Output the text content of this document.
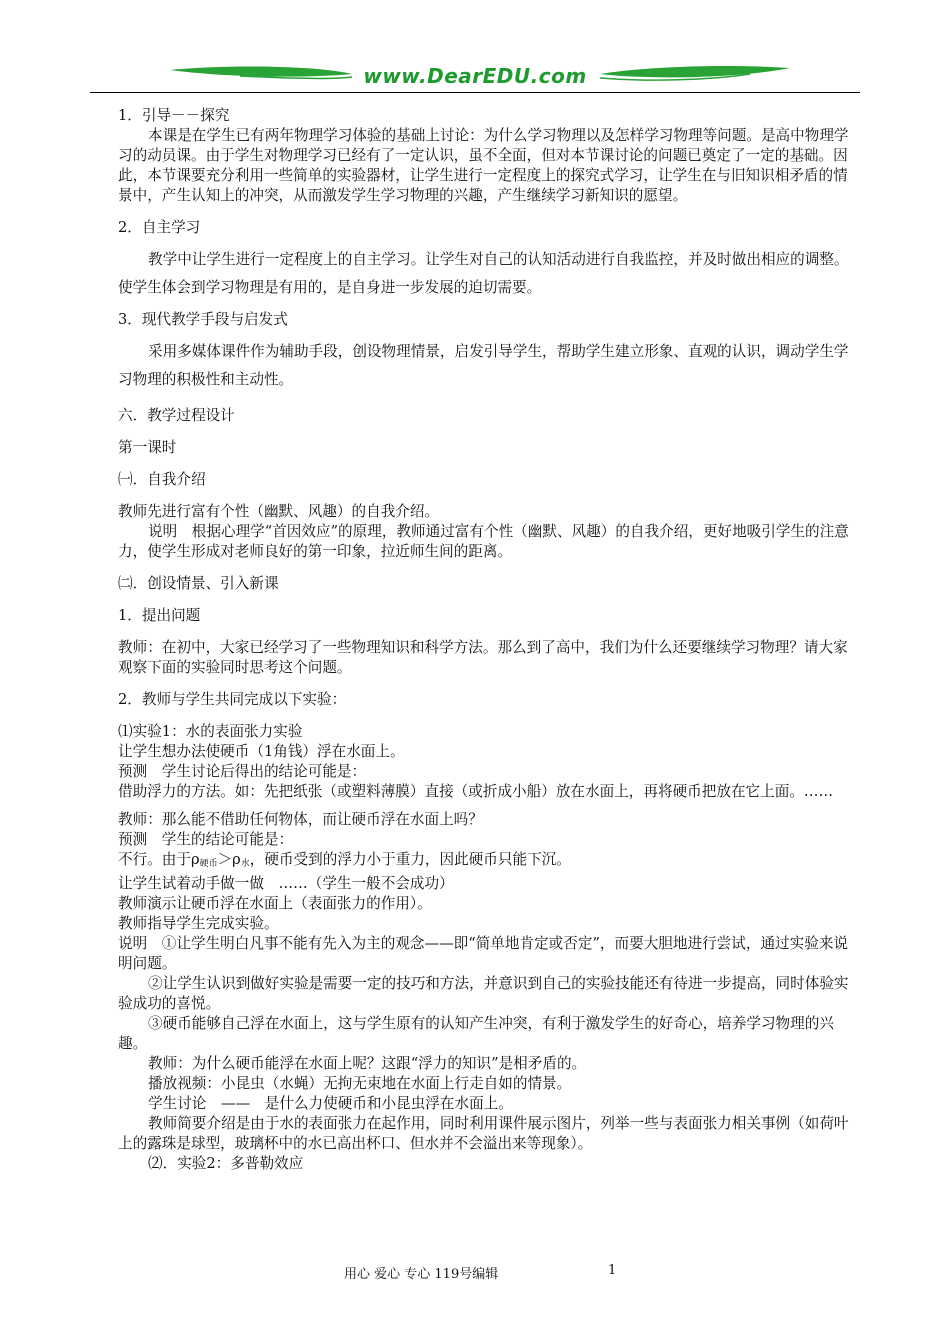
www.DearEDU.com

1．引导－－探究

本课是在学生已有两年物理学习体验的基础上讨论：为什么学习物理以及怎样学习物理等问题。是高中物理学习的动员课。由于学生对物理学习已经有了一定认识，虽不全面，但对本节课讨论的问题已奠定了一定的基础。因此，本节课要充分利用一些简单的实验器材，让学生进行一定程度上的探究式学习，让学生在与旧知识相矛盾的情景中，产生认知上的冲突，从而激发学生学习物理的兴趣，产生继续学习新知识的愿望。

2．自主学习

教学中让学生进行一定程度上的自主学习。让学生对自己的认知活动进行自我监控，并及时做出相应的调整。使学生体会到学习物理是有用的，是自身进一步发展的迫切需要。

3．现代教学手段与启发式

采用多媒体课件作为辅助手段，创设物理情景，启发引导学生，帮助学生建立形象、直观的认识，调动学生学习物理的积极性和主动性。

六．教学过程设计

第一课时

㈠．自我介绍

教师先进行富有个性（幽默、风趣）的自我介绍。

说明　根据心理学“首因效应”的原理，教师通过富有个性（幽默、风趣）的自我介绍，更好地吸引学生的注意力，使学生形成对老师良好的第一印象，拉近师生间的距离。

㈡．创设情景、引入新课

1．提出问题

教师：在初中，大家已经学习了一些物理知识和科学方法。那么到了高中，我们为什么还要继续学习物理？请大家观察下面的实验同时思考这个问题。

2．教师与学生共同完成以下实验：

⑴实验1：水的表面张力实验

让学生想办法使硬币（1角钱）浮在水面上。

预测　学生讨论后得出的结论可能是：

借助浮力的方法。如：先把纸张（或塑料薄膜）直接（或折成小船）放在水面上，再将硬币把放在它上面。……

教师：那么能不借助任何物体，而让硬币浮在水面上吗？

预测　学生的结论可能是：

不行。由于$\rho_{硬币}>\rho_水$，硬币受到的浮力小于重力，因此硬币只能下沉。

让学生试着动手做一做　……（学生一般不会成功）

教师演示让硬币浮在水面上（表面张力的作用）。

教师指导学生完成实验。

说明　①让学生明白凡事不能有先入为主的观念——即“简单地肯定或否定”，而要大胆地进行尝试，通过实验来说明问题。

②让学生认识到做好实验是需要一定的技巧和方法，并意识到自己的实验技能还有待进一步提高，同时体验实验成功的喜悦。

③硬币能够自己浮在水面上，这与学生原有的认知产生冲突，有利于激发学生的好奇心，培养学习物理的兴趣。

教师：为什么硬币能浮在水面上呢？这跟“浮力的知识”是相矛盾的。

播放视频：小昆虫（水蝇）无拘无束地在水面上行走自如的情景。

学生讨论　——　是什么力使硬币和小昆虫浮在水面上。

教师简要介绍是由于水的表面张力在起作用，同时利用课件展示图片，列举一些与表面张力相关事例（如荷叶上的露珠是球型，玻璃杯中的水已高出杯口、但水并不会溢出来等现象）。

⑵．实验2：多普勒效应

用心 爱心 专心 119号编辑	1
